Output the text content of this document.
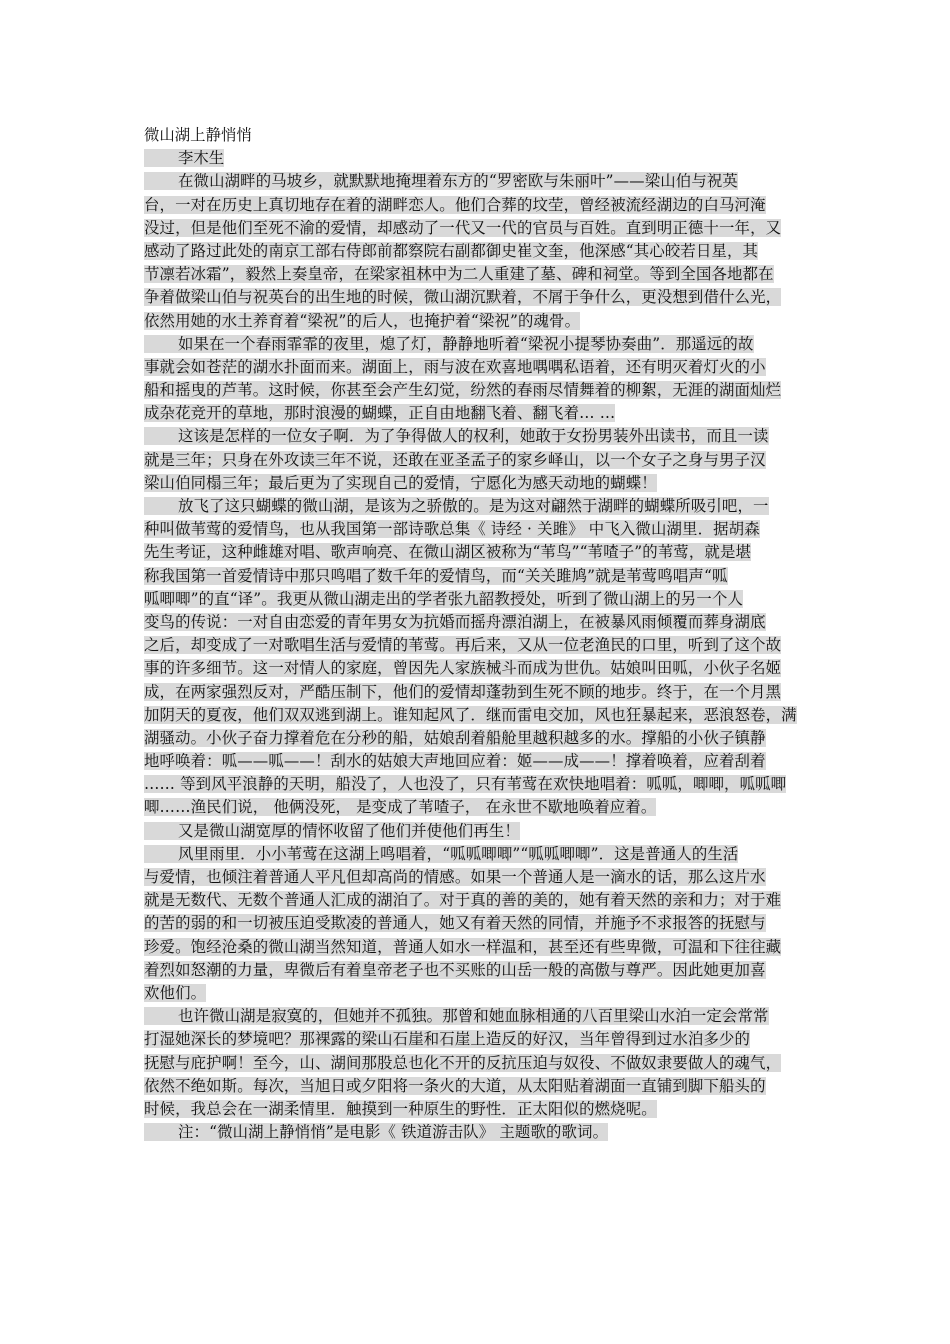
微山湖上静悄悄
李木生
在微山湖畔的马坡乡，就默默地掩埋着东方的“罗密欧与朱丽叶”——梁山伯与祝英
台，一对在历史上真切地存在着的湖畔恋人。他们合葬的坟茔，曾经被流经湖边的白马河淹
没过，但是他们至死不渝的爱情，却感动了一代又一代的官员与百姓。直到明正德十一年，又
感动了路过此处的南京工部右侍郎前都察院右副都御史崔文奎，他深感“其心皎若日星，其
节凛若冰霜”，毅然上奏皇帝，在梁家祖林中为二人重建了墓、碑和祠堂。等到全国各地都在
争着做梁山伯与祝英台的出生地的时候，微山湖沉默着，不屑于争什么，更没想到借什么光，
依然用她的水土养育着“梁祝”的后人，也掩护着“梁祝”的魂骨。
如果在一个春雨霏霏的夜里，熄了灯，静静地听着“梁祝小提琴协奏曲”．那遥远的故
事就会如苍茫的湖水扑面而来。湖面上，雨与波在欢喜地喁喁私语着，还有明灭着灯火的小
船和摇曳的芦苇。这时候，你甚至会产生幻觉，纷然的春雨尽情舞着的柳絮，无涯的湖面灿烂
成杂花竞开的草地，那时浪漫的蝴蝶，正自由地翻飞着、翻飞着… …
这该是怎样的一位女子啊．为了争得做人的权利，她敢于女扮男装外出读书，而且一读
就是三年；只身在外攻读三年不说，还敢在亚圣孟子的家乡峄山，以一个女子之身与男子汉
梁山伯同榻三年；最后更为了实现自己的爱情，宁愿化为感天动地的蝴蝶！
放飞了这只蝴蝶的微山湖，是该为之骄傲的。是为这对翩然于湖畔的蝴蝶所吸引吧，一
种叫做苇莺的爱情鸟，也从我国第一部诗歌总集《 诗经 · 关雎》 中飞入微山湖里．据胡森
先生考证，这种雌雄对唱、歌声响亮、在微山湖区被称为“苇鸟”“苇喳子”的苇莺，就是堪
称我国第一首爱情诗中那只鸣唱了数千年的爱情鸟，而“关关雎鸠”就是苇莺鸣唱声“呱
呱唧唧”的直“译”。我更从微山湖走出的学者张九韶教授处，听到了微山湖上的另一个人
变鸟的传说：一对自由恋爱的青年男女为抗婚而摇舟漂泊湖上，在被暴风雨倾覆而葬身湖底
之后，却变成了一对歌唱生活与爱情的苇莺。再后来，又从一位老渔民的口里，听到了这个故
事的许多细节。这一对情人的家庭，曾因先人家族械斗而成为世仇。姑娘叫田呱，小伙子名姬
成，在两家强烈反对，严酷压制下，他们的爱情却蓬勃到生死不顾的地步。终于，在一个月黑
加阴天的夏夜，他们双双逃到湖上。谁知起风了．继而雷电交加，风也狂暴起来，恶浪怒卷，满
湖骚动。小伙子奋力撑着危在分秒的船，姑娘刮着船舱里越积越多的水。撑船的小伙子镇静
地呼唤着：呱——呱——！刮水的姑娘大声地回应着：姬——成——！撑着唤着，应着刮着
…… 等到风平浪静的天明，船没了，人也没了，只有苇莺在欢快地唱着：呱呱，唧唧，呱呱唧
唧……渔民们说， 他俩没死， 是变成了苇喳子， 在永世不歇地唤着应着。
又是微山湖宽厚的情怀收留了他们并使他们再生！
风里雨里．小小苇莺在这湖上鸣唱着，“呱呱唧唧”“呱呱唧唧”．这是普通人的生活
与爱情，也倾注着普通人平凡但却高尚的情感。如果一个普通人是一滴水的话，那么这片水
就是无数代、无数个普通人汇成的湖泊了。对于真的善的美的，她有着天然的亲和力；对于难
的苦的弱的和一切被压迫受欺凌的普通人，她又有着天然的同情，并施予不求报答的抚慰与
珍爱。饱经沧桑的微山湖当然知道，普通人如水一样温和，甚至还有些卑微，可温和下往往藏
着烈如怒潮的力量，卑微后有着皇帝老子也不买账的山岳一般的高傲与尊严。因此她更加喜
欢他们。
也许微山湖是寂寞的，但她并不孤独。那曾和她血脉相通的八百里梁山水泊一定会常常
打湿她深长的梦境吧？那裸露的梁山石崖和石崖上造反的好汉，当年曾得到过水泊多少的
抚慰与庇护啊！至今，山、湖间那股总也化不开的反抗压迫与奴役、不做奴隶要做人的魂气，
依然不绝如斯。每次，当旭日或夕阳将一条火的大道，从太阳贴着湖面一直铺到脚下船头的
时候，我总会在一湖柔情里．触摸到一种原生的野性．正太阳似的燃烧呢。
注：“微山湖上静悄悄”是电影《 铁道游击队》 主题歌的歌词。
